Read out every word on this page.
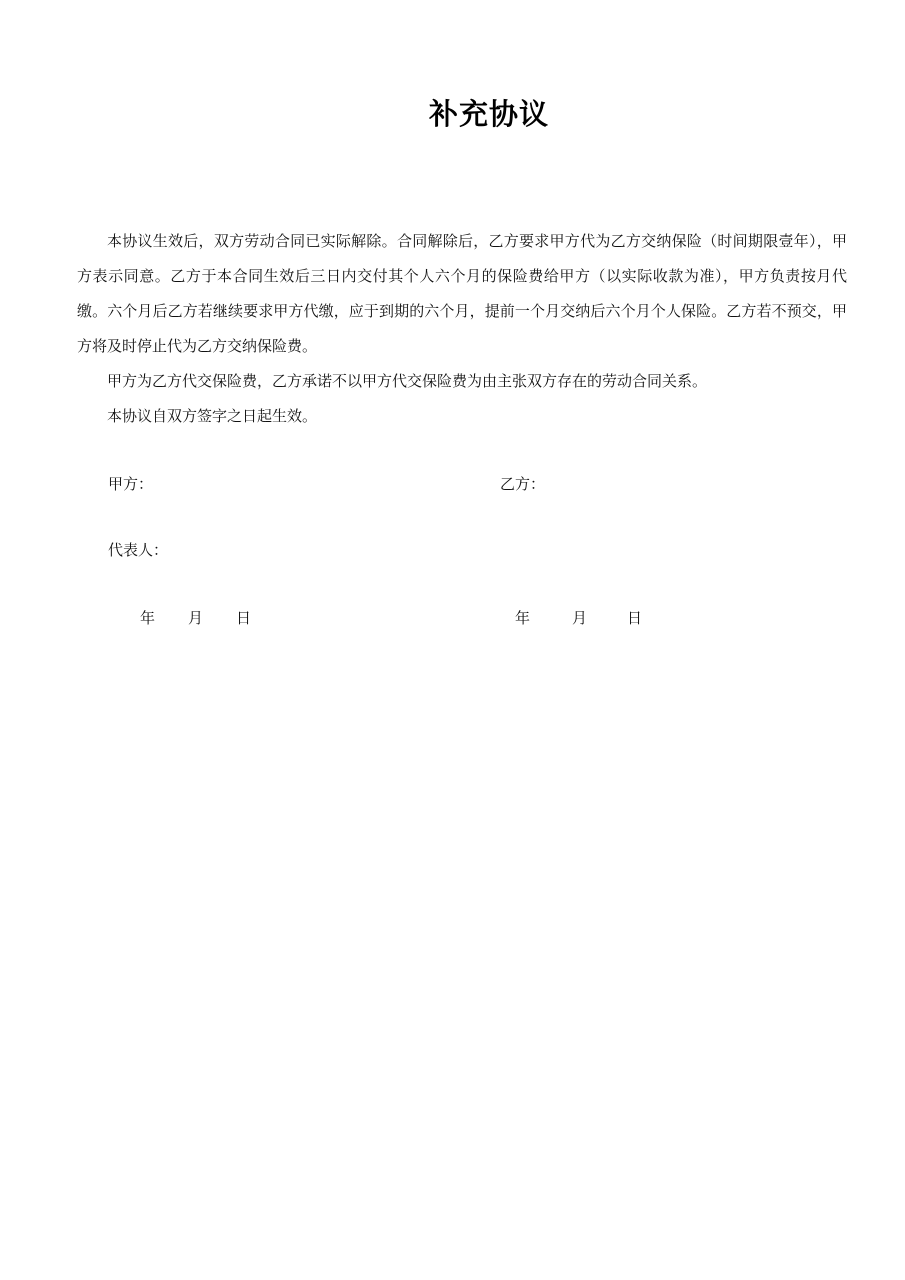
补充协议

本协议生效后，双方劳动合同已实际解除。合同解除后，乙方要求甲方代为乙方交纳保险（时间期限壹年），甲方表示同意。乙方于本合同生效后三日内交付其个人六个月的保险费给甲方（以实际收款为准），甲方负责按月代缴。六个月后乙方若继续要求甲方代缴，应于到期的六个月，提前一个月交纳后六个月个人保险。乙方若不预交，甲方将及时停止代为乙方交纳保险费。

甲方为乙方代交保险费，乙方承诺不以甲方代交保险费为由主张双方存在的劳动合同关系。

本协议自双方签字之日起生效。

甲方：	乙方：
代表人：
年 月 日	年	月	日
